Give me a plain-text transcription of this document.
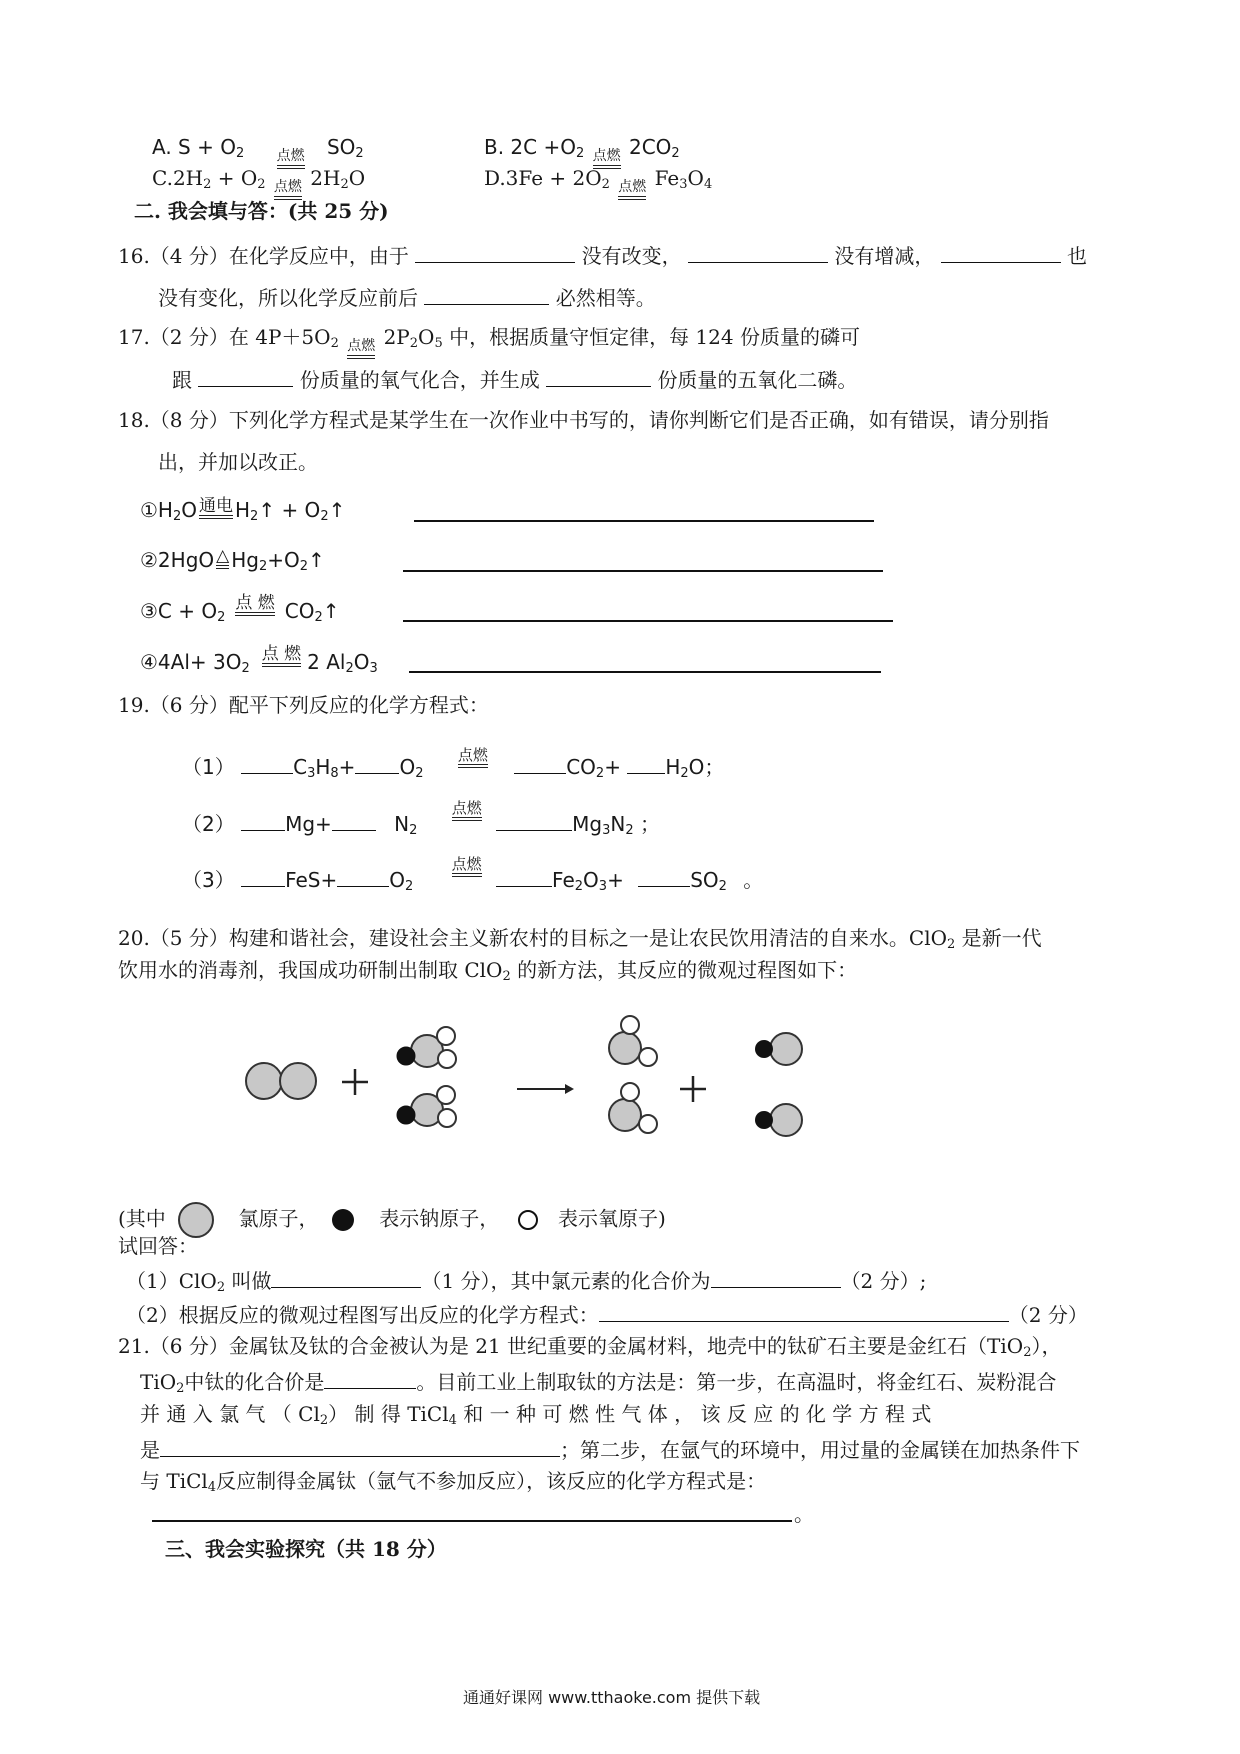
A. $S + O_2$ 点燃 $SO_2$	B. $2C +O_2$ 点燃 $2CO_2$
$C.2H_2 + O_2$ 点燃 $2H_2O$	$D.3Fe + 2O_2$ 点燃 $Fe_3O_4$
二. 我会填与答：(共 25 分)
16.（4 分）在化学反应中，由于	没有改变，	没有增减，	也
没有变化，所以化学反应前后	必然相等。
17.（2 分）在 $4P+5O_2$ 点燃 $2P_2O_5$ 中，根据质量守恒定律，每 124 份质量的磷可
跟	份质量的氧气化合，并生成	份质量的五氧化二磷。
18.（8 分）下列化学方程式是某学生在一次作业中书写的，请你判断它们是否正确，如有错误，请分别指
出，并加以改正。
$①H_2O$ 通电 $H_2↑$ + $O_2↑$
②2HgO △ $Hg_2+O_2↑$
③C + $O_2$点 燃 $CO_2↑$
④4Al+ $3O_2$点 燃 2 $Al_2O_3$
19.（6 分）配平下列反应的化学方程式：
（1）	$C_3H_8+ O_2$ 点燃	$CO_2+ H_2O$；
（2）	Mg+	$N_2$ 点燃
$Mg_3N_2$ ；
（3）	FeS+	$O_2$ 点燃
$Fe_2O_3+$	$SO_2$ 。
20.（5 分）构建和谐社会，建设社会主义新农村的目标之一是让农民饮用清洁的自来水。ClO$_2$ 是新一代
饮用水的消毒剂，我国成功研制出制取 ClO$_2$ 的新方法，其反应的微观过程图如下：
(其中	氯原子，	表示钠原子，	表示氧原子)
试回答：
（1）ClO$_2$ 叫做	（1 分），其中氯元素的化合价为	（2 分）;
（2）根据反应的微观过程图写出反应的化学方程式：	（2 分）
21.（6 分）金属钛及钛的合金被认为是 21 世纪重要的金属材料，地壳中的钛矿石主要是金红石（TiO$_2$），
TiO$_2$中钛的化合价是	。目前工业上制取钛的方法是：第一步，在高温时，将金红石、炭粉混合
并 通 入 氯 气 （ $Cl_2$） 制 得 TiCl$_4$ 和 一 种 可 燃 性 气 体 ， 该 反 应 的 化 学 方 程 式
是	；第二步，在氩气的环境中，用过量的金属镁在加热条件下
与 TiCl$_4$反应制得金属钛（氩气不参加反应），该反应的化学方程式是：
。
三、我会实验探究（共 18 分）
通通好课网 www.tthaoke.com 提供下载
